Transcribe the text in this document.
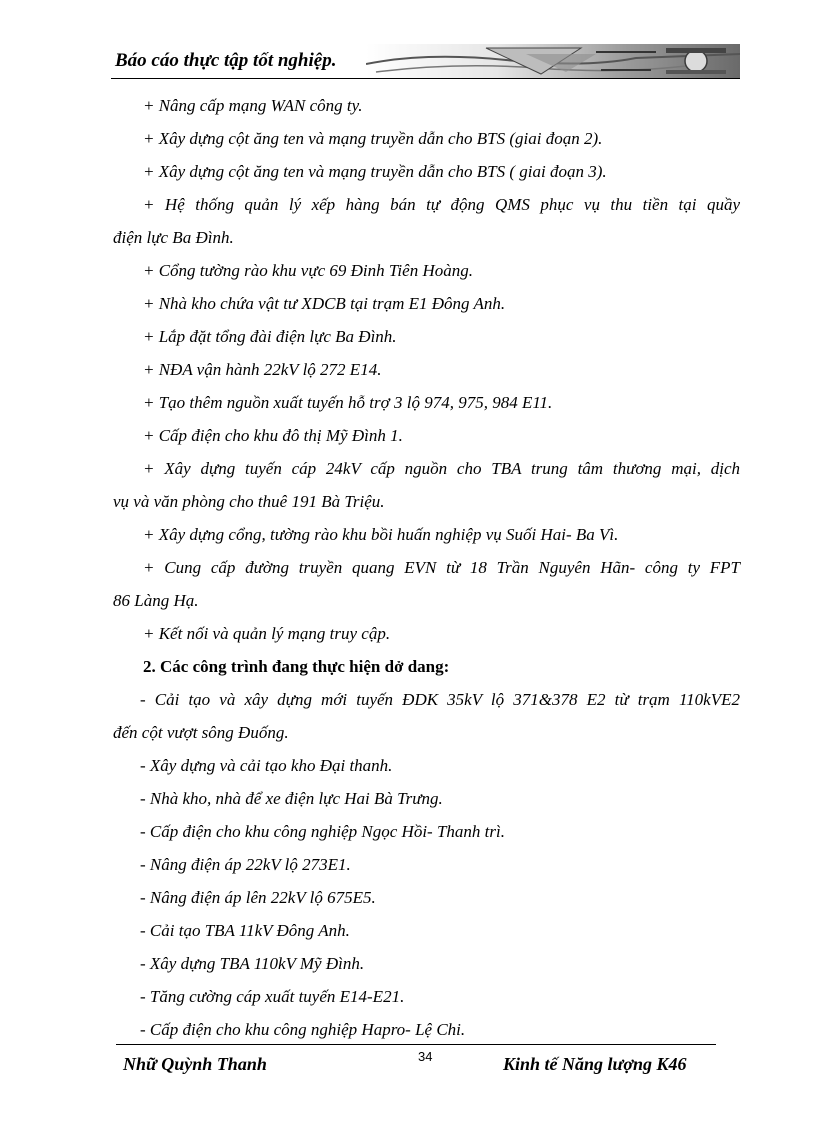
Báo cáo thực tập tốt nghiệp.
+ Nâng cấp mạng WAN công ty.
+ Xây dựng cột ăng ten và mạng truyền dẫn cho BTS (giai đoạn 2).
+ Xây dựng cột ăng ten và mạng truyền dẫn cho BTS ( giai đoạn 3).
+ Hệ thống quản lý xếp hàng bán tự động QMS phục vụ thu tiền tại quầy
điện lực Ba Đình.
+ Cổng tường rào khu vực 69 Đinh Tiên Hoàng.
+ Nhà kho chứa vật tư XDCB tại trạm E1 Đông Anh.
+ Lắp đặt tổng đài điện lực Ba Đình.
+ NĐA vận hành 22kV lộ 272 E14.
+ Tạo thêm nguồn xuất tuyến hỗ trợ 3 lộ 974, 975, 984 E11.
+ Cấp điện cho khu đô thị Mỹ Đình 1.
+ Xây dựng tuyến cáp 24kV cấp nguồn cho TBA trung tâm thương mại, dịch
vụ và văn phòng cho thuê 191 Bà Triệu.
+ Xây dựng cổng, tường rào khu bồi huấn nghiệp vụ Suối Hai- Ba Vì.
+ Cung cấp đường truyền quang EVN từ 18 Trần Nguyên Hãn- công ty FPT
86 Làng Hạ.
+ Kết nối và quản lý mạng truy cập.
2. Các công trình đang thực hiện dở dang:
- Cải tạo và xây dựng mới tuyến ĐDK 35kV lộ 371&378 E2 từ trạm 110kVE2
đến cột vượt sông Đuống.
- Xây dựng và cải tạo kho Đại thanh.
- Nhà kho, nhà để xe điện lực Hai Bà Trưng.
- Cấp điện cho khu công nghiệp Ngọc Hồi- Thanh trì.
- Nâng điện áp 22kV lộ 273E1.
- Nâng điện áp lên 22kV lộ 675E5.
- Cải tạo TBA 11kV Đông Anh.
- Xây dựng TBA 110kV Mỹ Đình.
- Tăng cường cáp xuất tuyến E14-E21.
- Cấp điện cho khu công nghiệp Hapro- Lệ Chi.
Nhữ Quỳnh Thanh	34	Kinh tế Năng lượng K46
